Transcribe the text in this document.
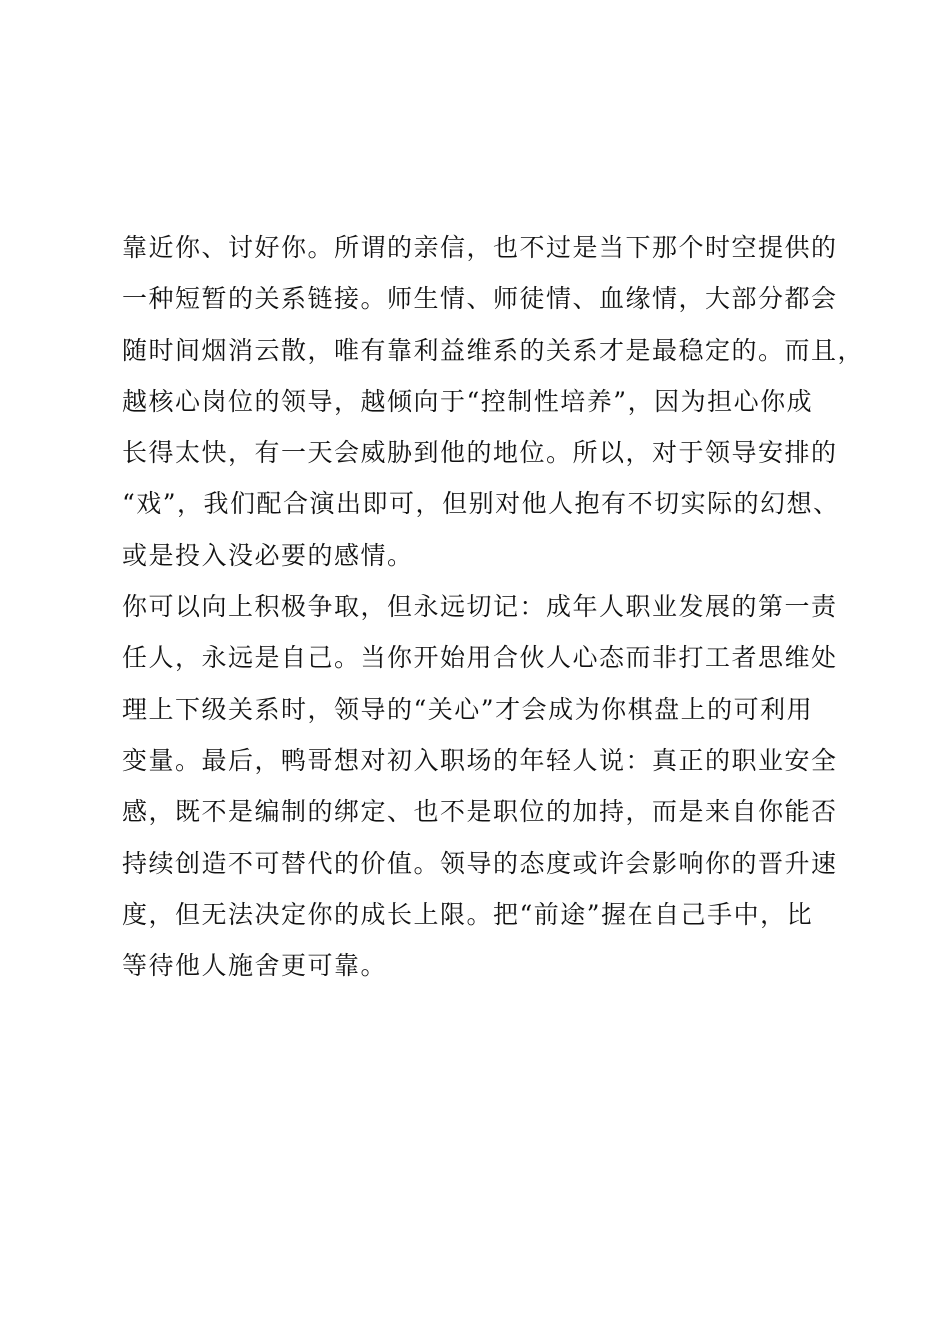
靠近你、讨好你。所谓的亲信，也不过是当下那个时空提供的
一种短暂的关系链接。师生情、师徒情、血缘情，大部分都会
随时间烟消云散，唯有靠利益维系的关系才是最稳定的。而且，
越核心岗位的领导，越倾向于“控制性培养”，因为担心你成
长得太快，有一天会威胁到他的地位。所以，对于领导安排的
“戏”，我们配合演出即可，但别对他人抱有不切实际的幻想、
或是投入没必要的感情。
你可以向上积极争取，但永远切记：成年人职业发展的第一责
任人，永远是自己。当你开始用合伙人心态而非打工者思维处
理上下级关系时，领导的“关心”才会成为你棋盘上的可利用
变量。最后，鸭哥想对初入职场的年轻人说：真正的职业安全
感，既不是编制的绑定、也不是职位的加持，而是来自你能否
持续创造不可替代的价值。领导的态度或许会影响你的晋升速
度，但无法决定你的成长上限。把“前途”握在自己手中，比
等待他人施舍更可靠。
